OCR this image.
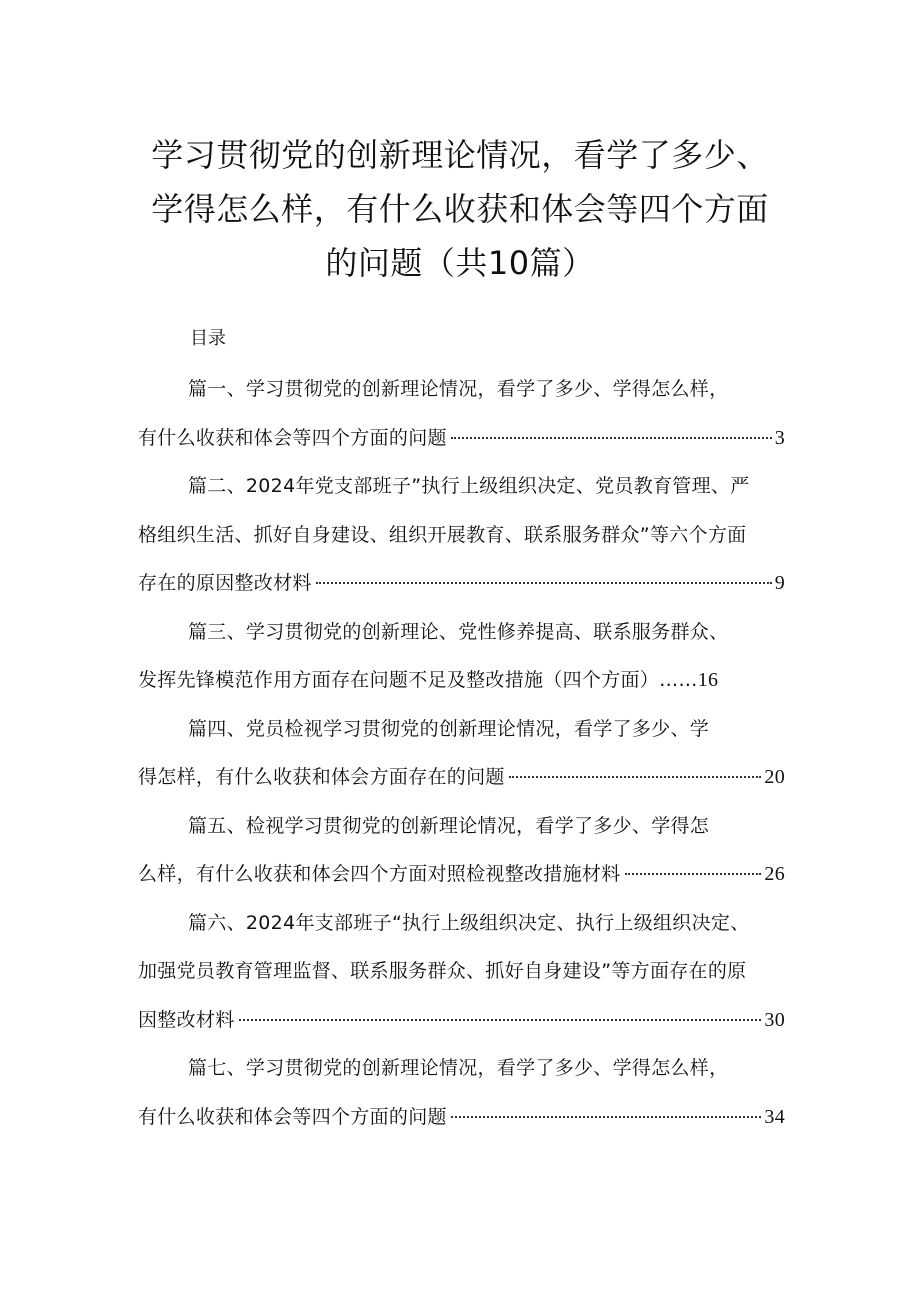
学习贯彻党的创新理论情况，看学了多少、
学得怎么样，有什么收获和体会等四个方面
的问题（共10篇）
目录
篇一、学习贯彻党的创新理论情况，看学了多少、学得怎么样，
有什么收获和体会等四个方面的问题	3
篇二、2024年党支部班子”执行上级组织决定、党员教育管理、严
格组织生活、抓好自身建设、组织开展教育、联系服务群众”等六个方面
存在的原因整改材料	9
篇三、学习贯彻党的创新理论、党性修养提高、联系服务群众、
发挥先锋模范作用方面存在问题不足及整改措施（四个方面）…… 16
篇四、党员检视学习贯彻党的创新理论情况，看学了多少、学
得怎样，有什么收获和体会方面存在的问题	20
篇五、检视学习贯彻党的创新理论情况，看学了多少、学得怎
么样，有什么收获和体会四个方面对照检视整改措施材料	26
篇六、2024年支部班子“执行上级组织决定、执行上级组织决定、
加强党员教育管理监督、联系服务群众、抓好自身建设”等方面存在的原
因整改材料	30
篇七、学习贯彻党的创新理论情况，看学了多少、学得怎么样，
有什么收获和体会等四个方面的问题	34
